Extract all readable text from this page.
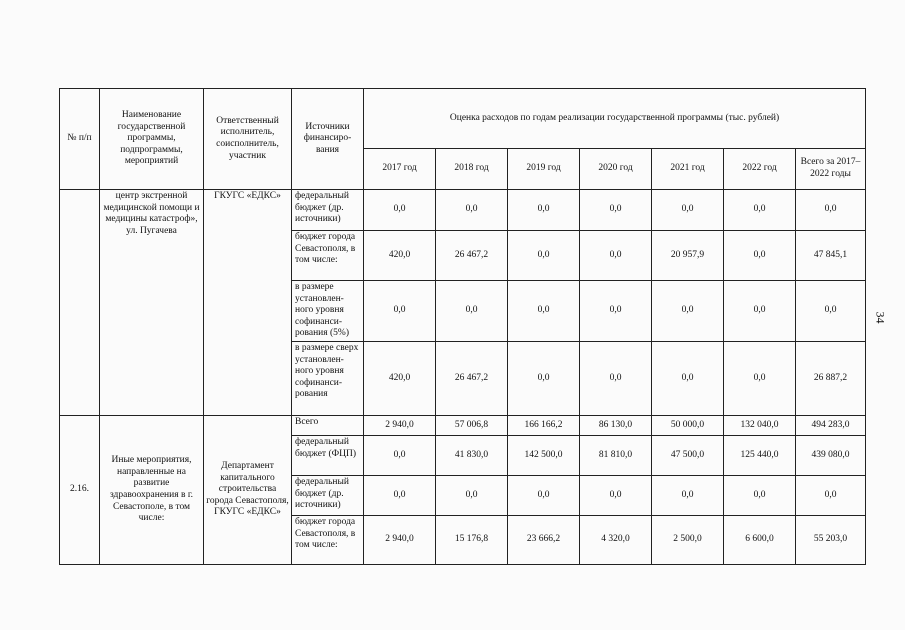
№ п/п	Наименование государственной программы, подпрограммы, мероприятий	Ответственный исполнитель, соисполнитель, участник	Источники финансиро-вания	Оценка расходов по годам реализации государственной программы (тыс. рублей)						
				2017 год	2018 год	2019 год	2020 год	2021 год	2022 год	Всего за 2017–2022 годы
	центр экстренной медицинской помощи и медицины катастроф», ул. Пугачева	ГКУГС «ЕДКС»	федеральный бюджет (др. источники)	0,0	0,0	0,0	0,0	0,0	0,0	0,0
			бюджет города Севастополя, в том числе:	420,0	26 467,2	0,0	0,0	20 957,9	0,0	47 845,1
			в размере установлен-ного уровня софинанси-рования (5%)	0,0	0,0	0,0	0,0	0,0	0,0	0,0
			в размере сверх установлен-ного уровня софинанси-рования	420,0	26 467,2	0,0	0,0	0,0	0,0	26 887,2
2.16.	Иные мероприятия, направленные на развитие здравоохранения в г. Севастополе, в том числе:	Департамент капитального строительства города Севастополя, ГКУГС «ЕДКС»	Всего	2 940,0	57 006,8	166 166,2	86 130,0	50 000,0	132 040,0	494 283,0
			федеральный бюджет (ФЦП)	0,0	41 830,0	142 500,0	81 810,0	47 500,0	125 440,0	439 080,0
			федеральный бюджет (др. источники)	0,0	0,0	0,0	0,0	0,0	0,0	0,0
			бюджет города Севастополя, в том числе:	2 940,0	15 176,8	23 666,2	4 320,0	2 500,0	6 600,0	55 203,0
34
